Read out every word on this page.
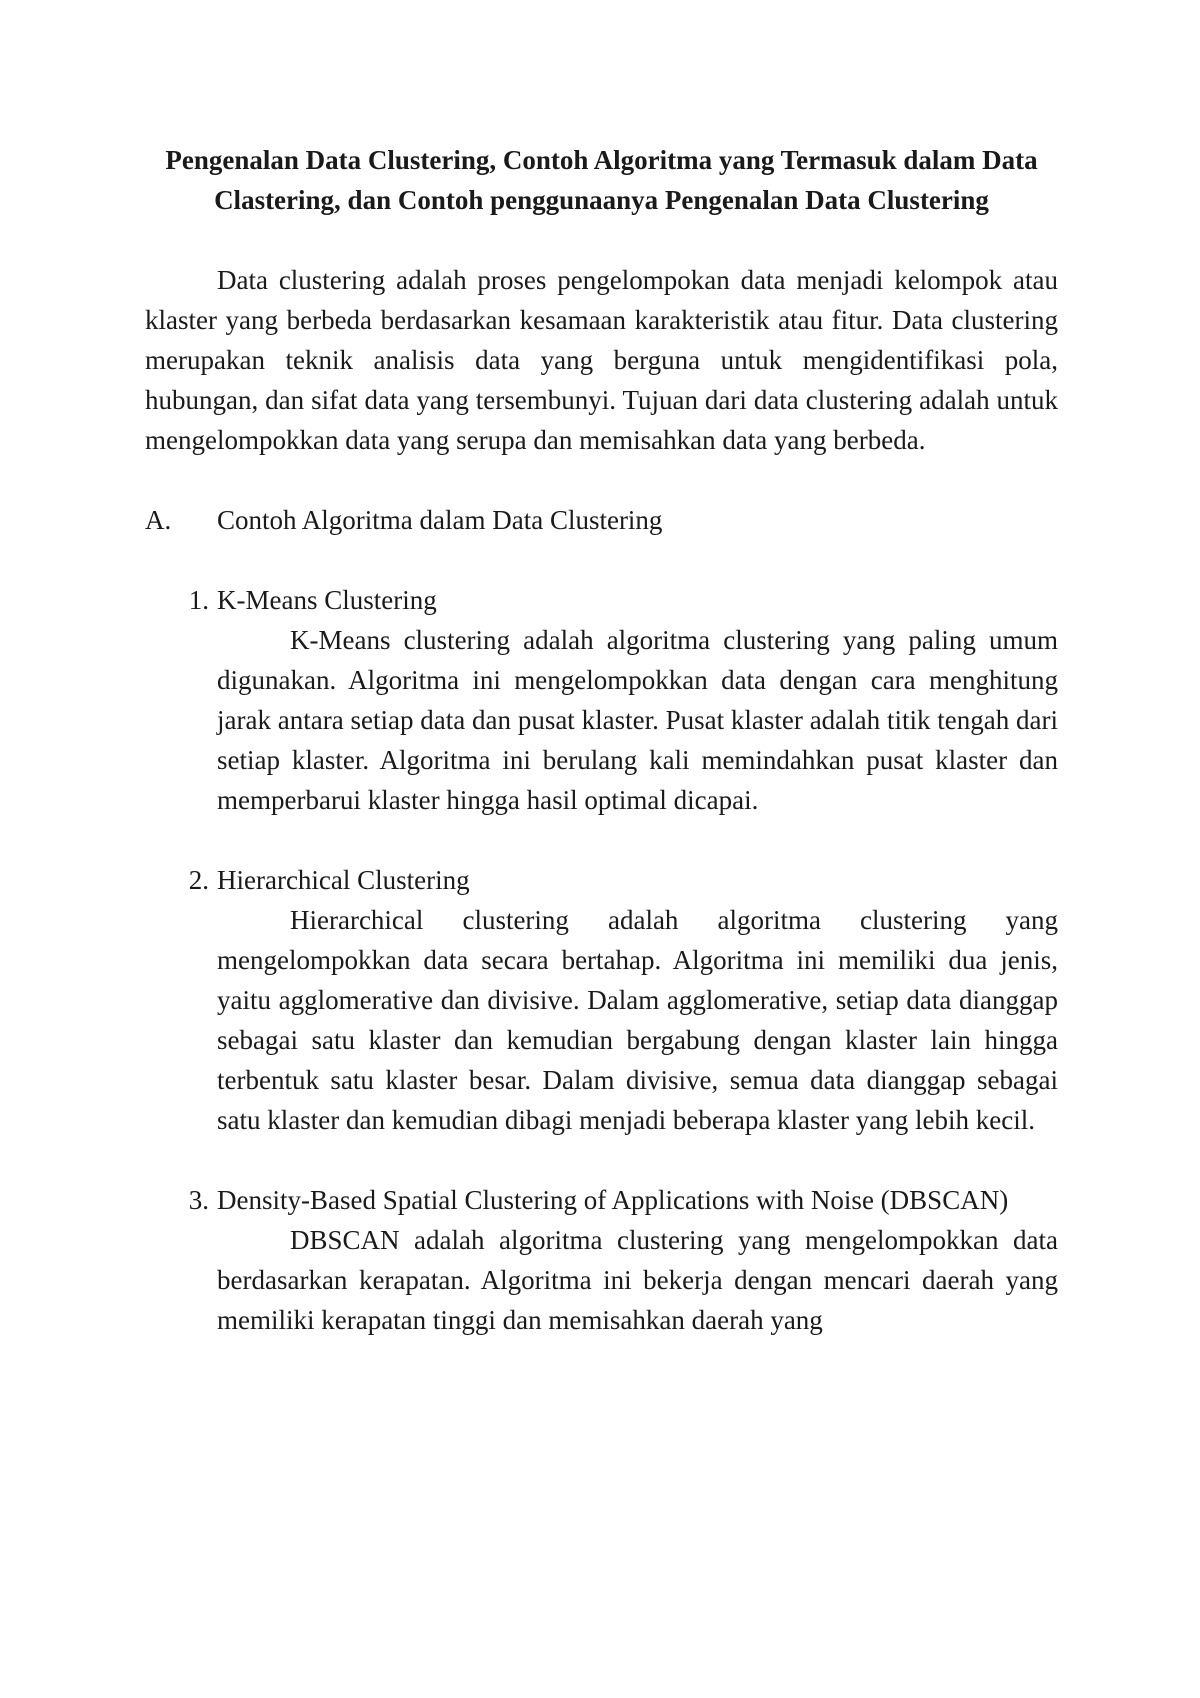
Pengenalan Data Clustering, Contoh Algoritma yang Termasuk dalam Data Clastering, dan Contoh penggunaanya Pengenalan Data Clustering

Data clustering adalah proses pengelompokan data menjadi kelompok atau klaster yang berbeda berdasarkan kesamaan karakteristik atau fitur. Data clustering merupakan teknik analisis data yang berguna untuk mengidentifikasi pola, hubungan, dan sifat data yang tersembunyi. Tujuan dari data clustering adalah untuk mengelompokkan data yang serupa dan memisahkan data yang berbeda.

A.	Contoh Algoritma dalam Data Clustering
1. K-Means Clustering
K-Means clustering adalah algoritma clustering yang paling umum digunakan. Algoritma ini mengelompokkan data dengan cara menghitung jarak antara setiap data dan pusat klaster. Pusat klaster adalah titik tengah dari setiap klaster. Algoritma ini berulang kali memindahkan pusat klaster dan memperbarui klaster hingga hasil optimal dicapai.
2. Hierarchical Clustering
Hierarchical clustering adalah algoritma clustering yang mengelompokkan data secara bertahap. Algoritma ini memiliki dua jenis, yaitu agglomerative dan divisive. Dalam agglomerative, setiap data dianggap sebagai satu klaster dan kemudian bergabung dengan klaster lain hingga terbentuk satu klaster besar. Dalam divisive, semua data dianggap sebagai satu klaster dan kemudian dibagi menjadi beberapa klaster yang lebih kecil.
3. Density-Based Spatial Clustering of Applications with Noise (DBSCAN)
DBSCAN adalah algoritma clustering yang mengelompokkan data berdasarkan kerapatan. Algoritma ini bekerja dengan mencari daerah yang memiliki kerapatan tinggi dan memisahkan daerah yang
